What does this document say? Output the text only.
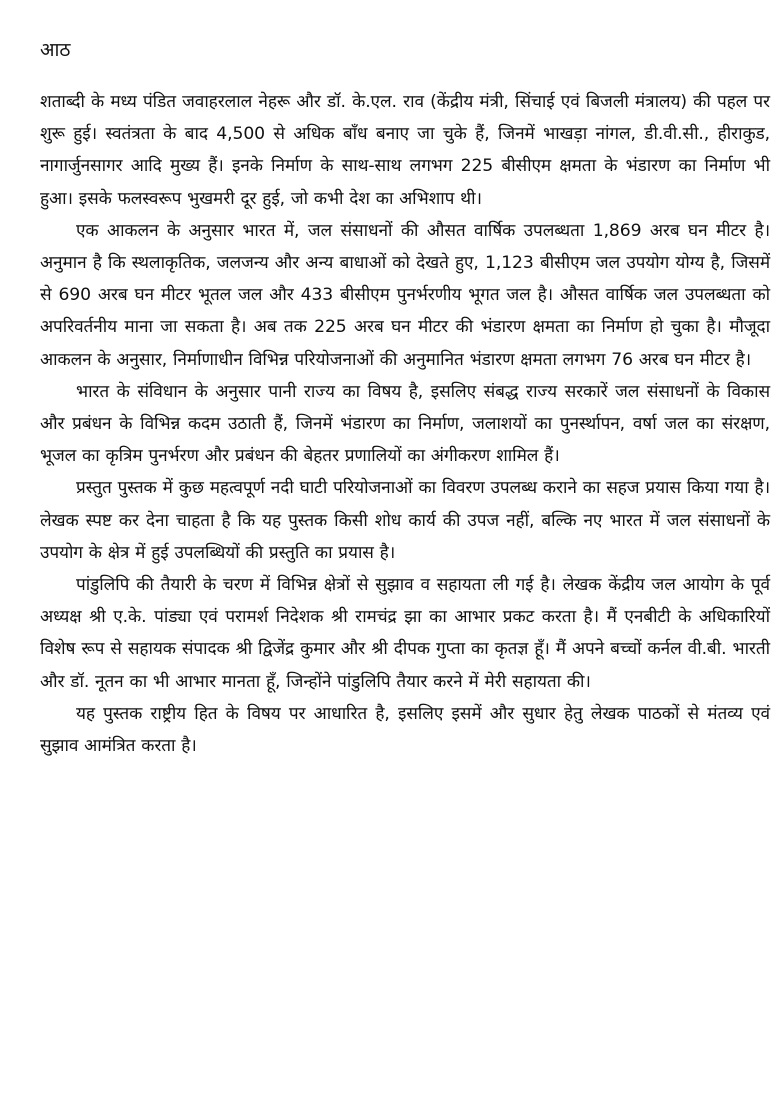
आठ

शताब्दी के मध्य पंडित जवाहरलाल नेहरू और डॉ. के.एल. राव (केंद्रीय मंत्री, सिंचाई एवं बिजली मंत्रालय) की पहल पर शुरू हुई। स्वतंत्रता के बाद 4,500 से अधिक बाँध बनाए जा चुके हैं, जिनमें भाखड़ा नांगल, डी.वी.सी., हीराकुड, नागार्जुनसागर आदि मुख्य हैं। इनके निर्माण के साथ-साथ लगभग 225 बीसीएम क्षमता के भंडारण का निर्माण भी हुआ। इसके फलस्वरूप भुखमरी दूर हुई, जो कभी देश का अभिशाप थी।

एक आकलन के अनुसार भारत में, जल संसाधनों की औसत वार्षिक उपलब्धता 1,869 अरब घन मीटर है। अनुमान है कि स्थलाकृतिक, जलजन्य और अन्य बाधाओं को देखते हुए, 1,123 बीसीएम जल उपयोग योग्य है, जिसमें से 690 अरब घन मीटर भूतल जल और 433 बीसीएम पुनर्भरणीय भूगत जल है। औसत वार्षिक जल उपलब्धता को अपरिवर्तनीय माना जा सकता है। अब तक 225 अरब घन मीटर की भंडारण क्षमता का निर्माण हो चुका है। मौजूदा आकलन के अनुसार, निर्माणाधीन विभिन्न परियोजनाओं की अनुमानित भंडारण क्षमता लगभग 76 अरब घन मीटर है।

भारत के संविधान के अनुसार पानी राज्य का विषय है, इसलिए संबद्ध राज्य सरकारें जल संसाधनों के विकास और प्रबंधन के विभिन्न कदम उठाती हैं, जिनमें भंडारण का निर्माण, जलाशयों का पुनर्स्थापन, वर्षा जल का संरक्षण, भूजल का कृत्रिम पुनर्भरण और प्रबंधन की बेहतर प्रणालियों का अंगीकरण शामिल हैं।

प्रस्तुत पुस्तक में कुछ महत्वपूर्ण नदी घाटी परियोजनाओं का विवरण उपलब्ध कराने का सहज प्रयास किया गया है। लेखक स्पष्ट कर देना चाहता है कि यह पुस्तक किसी शोध कार्य की उपज नहीं, बल्कि नए भारत में जल संसाधनों के उपयोग के क्षेत्र में हुई उपलब्धियों की प्रस्तुति का प्रयास है।

पांडुलिपि की तैयारी के चरण में विभिन्न क्षेत्रों से सुझाव व सहायता ली गई है। लेखक केंद्रीय जल आयोग के पूर्व अध्यक्ष श्री ए.के. पांड्या एवं परामर्श निदेशक श्री रामचंद्र झा का आभार प्रकट करता है। मैं एनबीटी के अधिकारियों विशेष रूप से सहायक संपादक श्री द्विजेंद्र कुमार और श्री दीपक गुप्ता का कृतज्ञ हूँ। मैं अपने बच्चों कर्नल वी.बी. भारती और डॉ. नूतन का भी आभार मानता हूँ, जिन्होंने पांडुलिपि तैयार करने में मेरी सहायता की।

यह पुस्तक राष्ट्रीय हित के विषय पर आधारित है, इसलिए इसमें और सुधार हेतु लेखक पाठकों से मंतव्य एवं सुझाव आमंत्रित करता है।
